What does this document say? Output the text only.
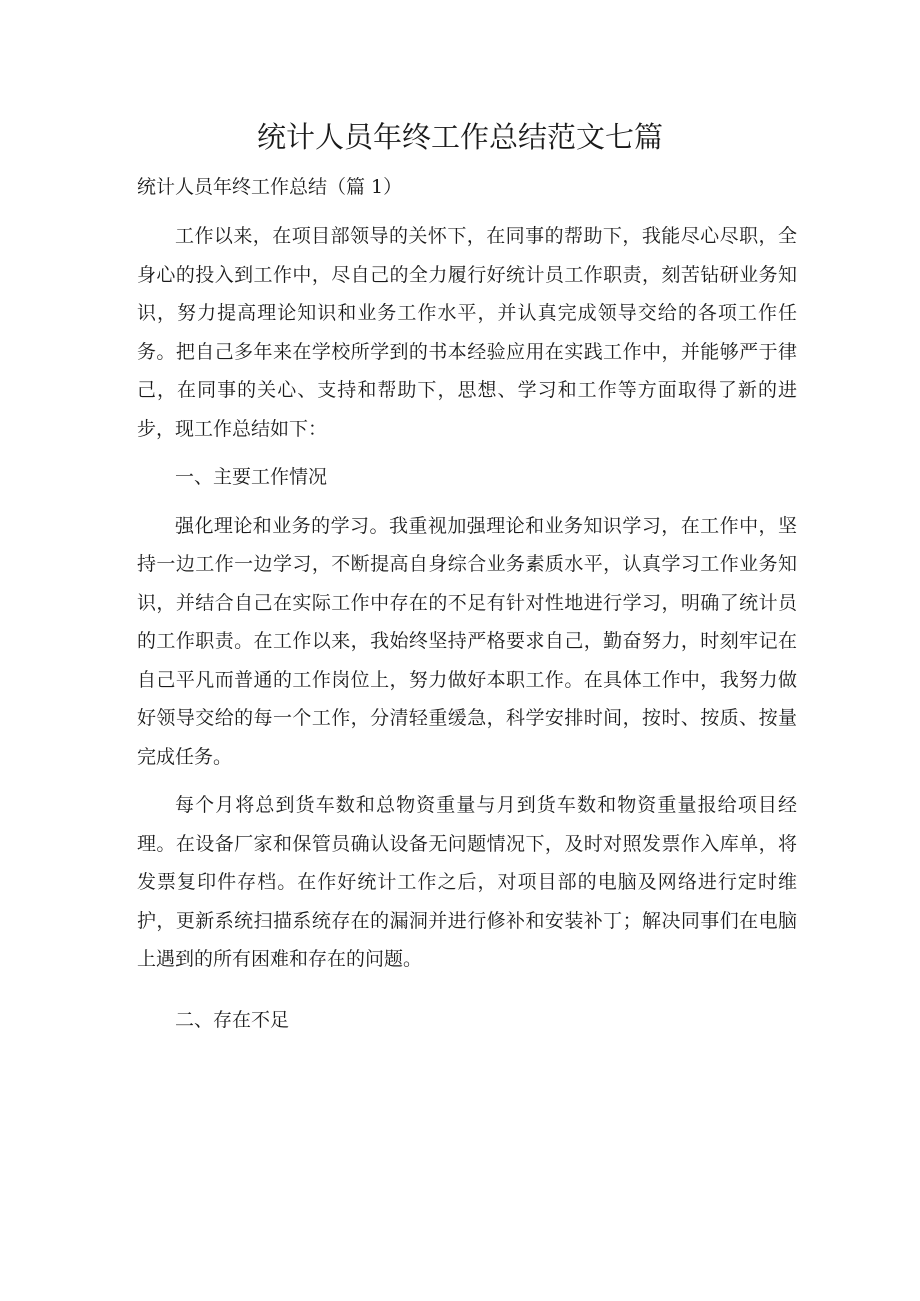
统计人员年终工作总结范文七篇

统计人员年终工作总结（篇 1）

工作以来，在项目部领导的关怀下，在同事的帮助下，我能尽心尽职，全身心的投入到工作中，尽自己的全力履行好统计员工作职责，刻苦钻研业务知识，努力提高理论知识和业务工作水平，并认真完成领导交给的各项工作任务。把自己多年来在学校所学到的书本经验应用在实践工作中，并能够严于律己，在同事的关心、支持和帮助下，思想、学习和工作等方面取得了新的进步，现工作总结如下：

一、主要工作情况

强化理论和业务的学习。我重视加强理论和业务知识学习，在工作中，坚持一边工作一边学习，不断提高自身综合业务素质水平，认真学习工作业务知识，并结合自己在实际工作中存在的不足有针对性地进行学习，明确了统计员的工作职责。在工作以来，我始终坚持严格要求自己，勤奋努力，时刻牢记在自己平凡而普通的工作岗位上，努力做好本职工作。在具体工作中，我努力做好领导交给的每一个工作，分清轻重缓急，科学安排时间，按时、按质、按量完成任务。

每个月将总到货车数和总物资重量与月到货车数和物资重量报给项目经理。在设备厂家和保管员确认设备无问题情况下，及时对照发票作入库单，将发票复印件存档。在作好统计工作之后，对项目部的电脑及网络进行定时维护，更新系统扫描系统存在的漏洞并进行修补和安装补丁；解决同事们在电脑上遇到的所有困难和存在的问题。

二、存在不足
